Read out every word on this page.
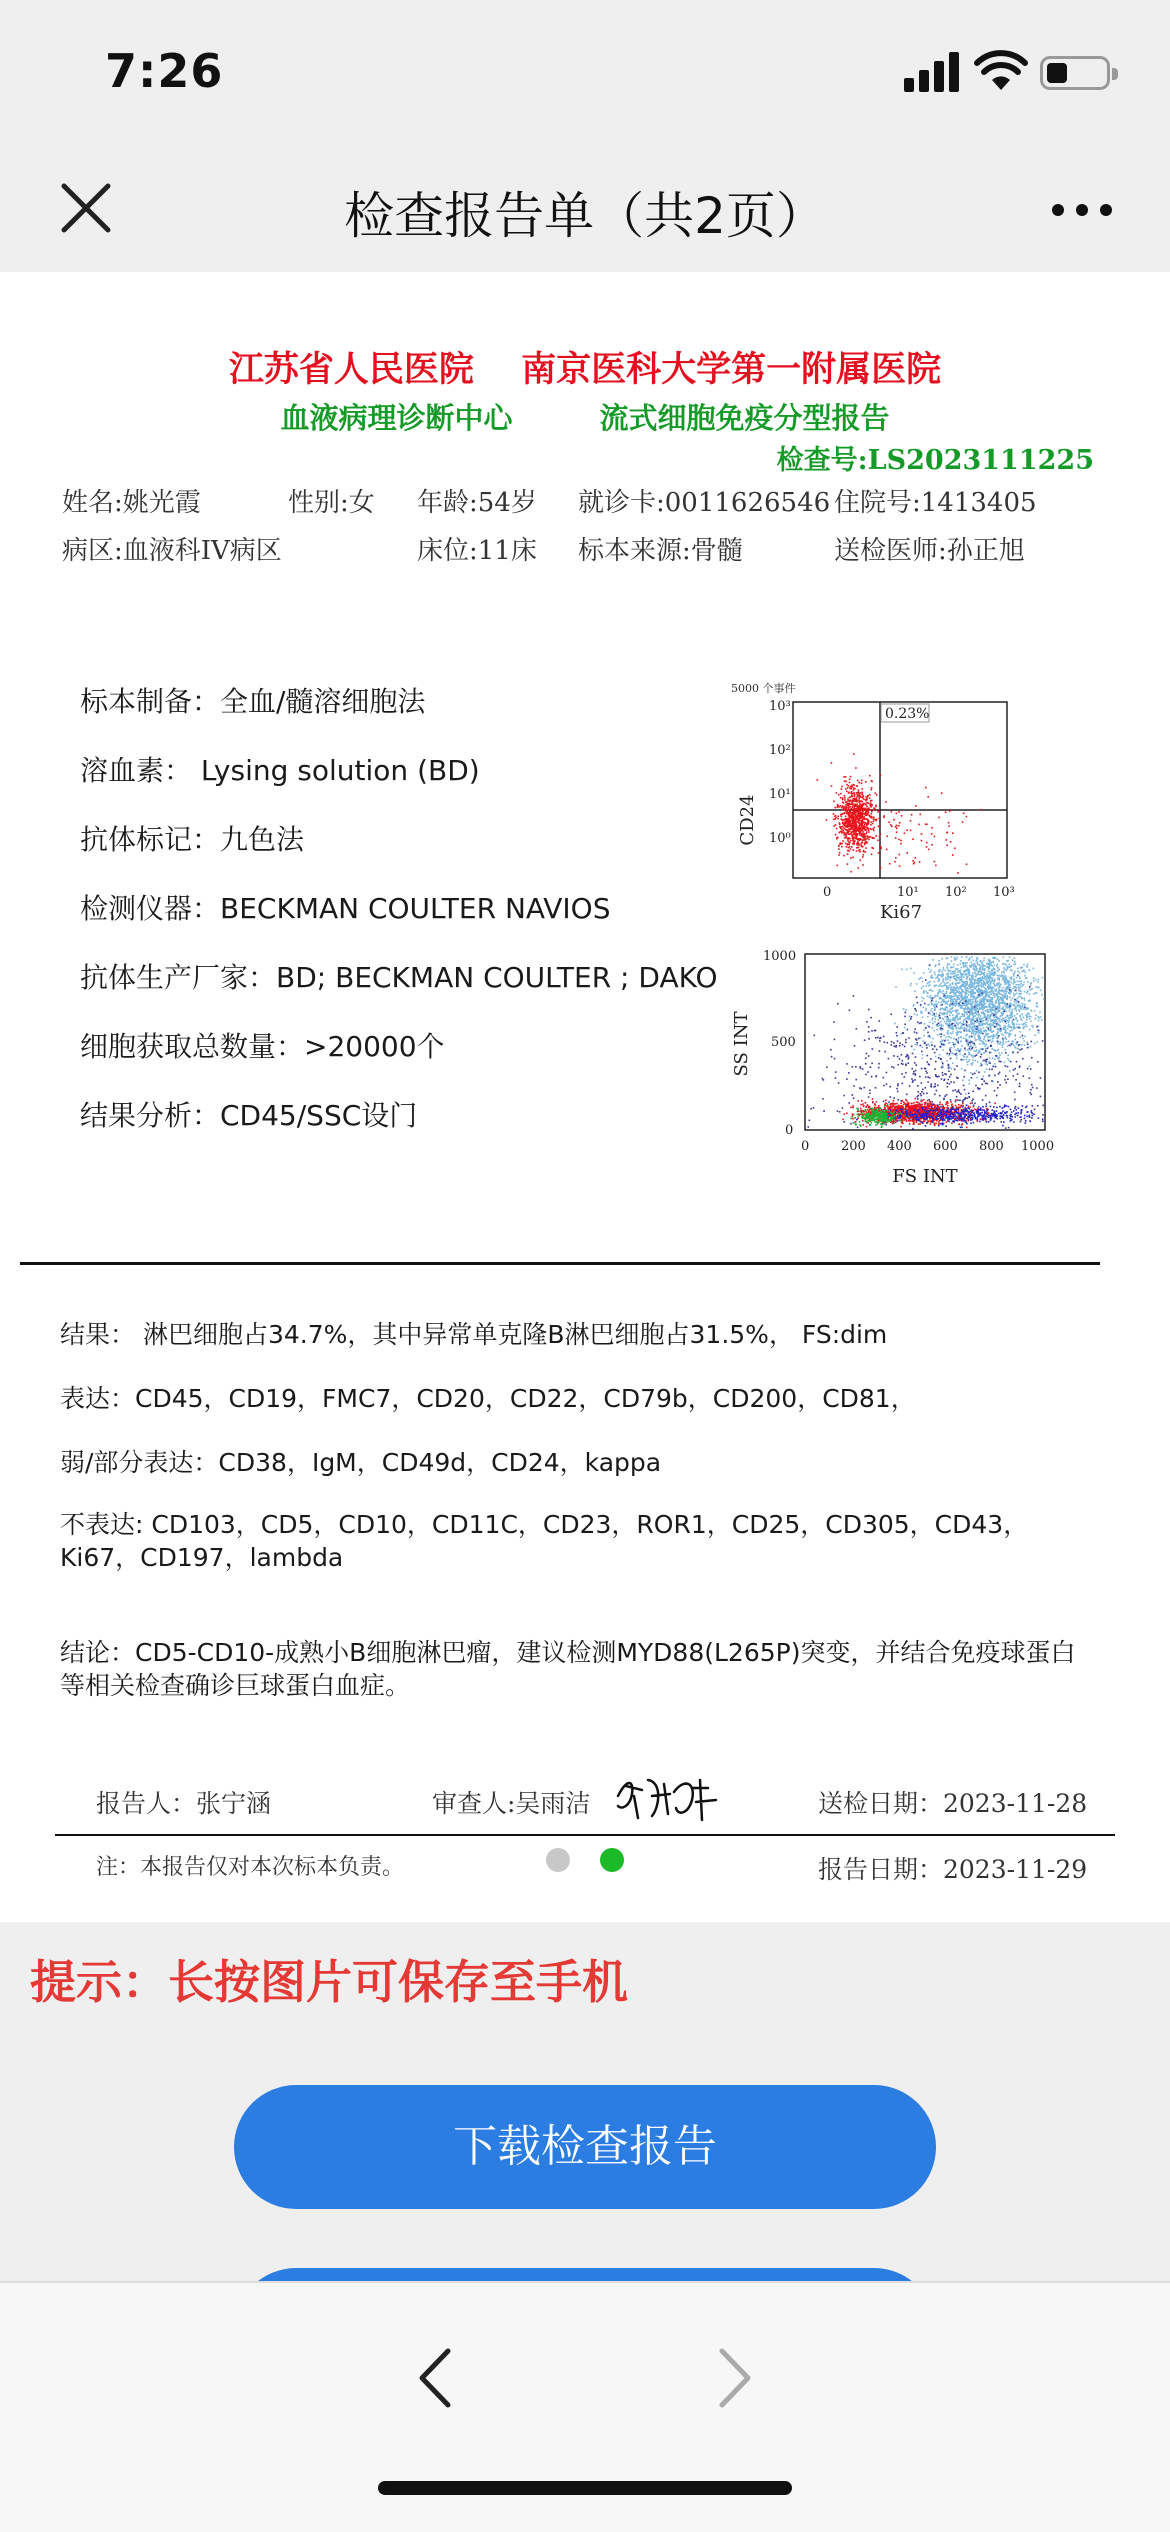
7:26
检查报告单（共2页）
江苏省人民医院　 南京医科大学第一附属医院
血液病理诊断中心　　　	流式细胞免疫分型报告
检查号:LS2023111225
姓名:姚光霞	性别:女 年龄:54岁 就诊卡:0011626546 住院号:1413405
病区:血液科IV病区	床位:11床 标本来源:骨髓	送检医师:孙正旭
标本制备：全血/髓溶细胞法
溶血素： Lysing solution (BD)
抗体标记：九色法
检测仪器：BECKMAN COULTER NAVIOS
抗体生产厂家：BD; BECKMAN COULTER ; DAKO
细胞获取总数量：>20000个
结果分析：CD45/SSC设门
5000 个事件
0.23%
10³
10²
10¹
10⁰
0	10¹ 10² 10³
CD24
Ki67
1000
500
0
0 200 400 600 800 1000
SS INT
FS INT
结果： 淋巴细胞占34.7%，其中异常单克隆B淋巴细胞占31.5%， FS:dim
表达：CD45，CD19，FMC7，CD20，CD22，CD79b，CD200，CD81，
弱/部分表达：CD38，IgM，CD49d，CD24，kappa
不表达: CD103，CD5，CD10，CD11C，CD23，ROR1，CD25，CD305，CD43，Ki67，CD197，lambda
结论：CD5-CD10-成熟小B细胞淋巴瘤，建议检测MYD88(L265P)突变，并结合免疫球蛋白等相关检查确诊巨球蛋白血症。
报告人：张宁涵	审查人:吴雨洁	送检日期：2023-11-28
注：本报告仅对本次标本负责。	报告日期：2023-11-29
提示：长按图片可保存至手机
下载检查报告
